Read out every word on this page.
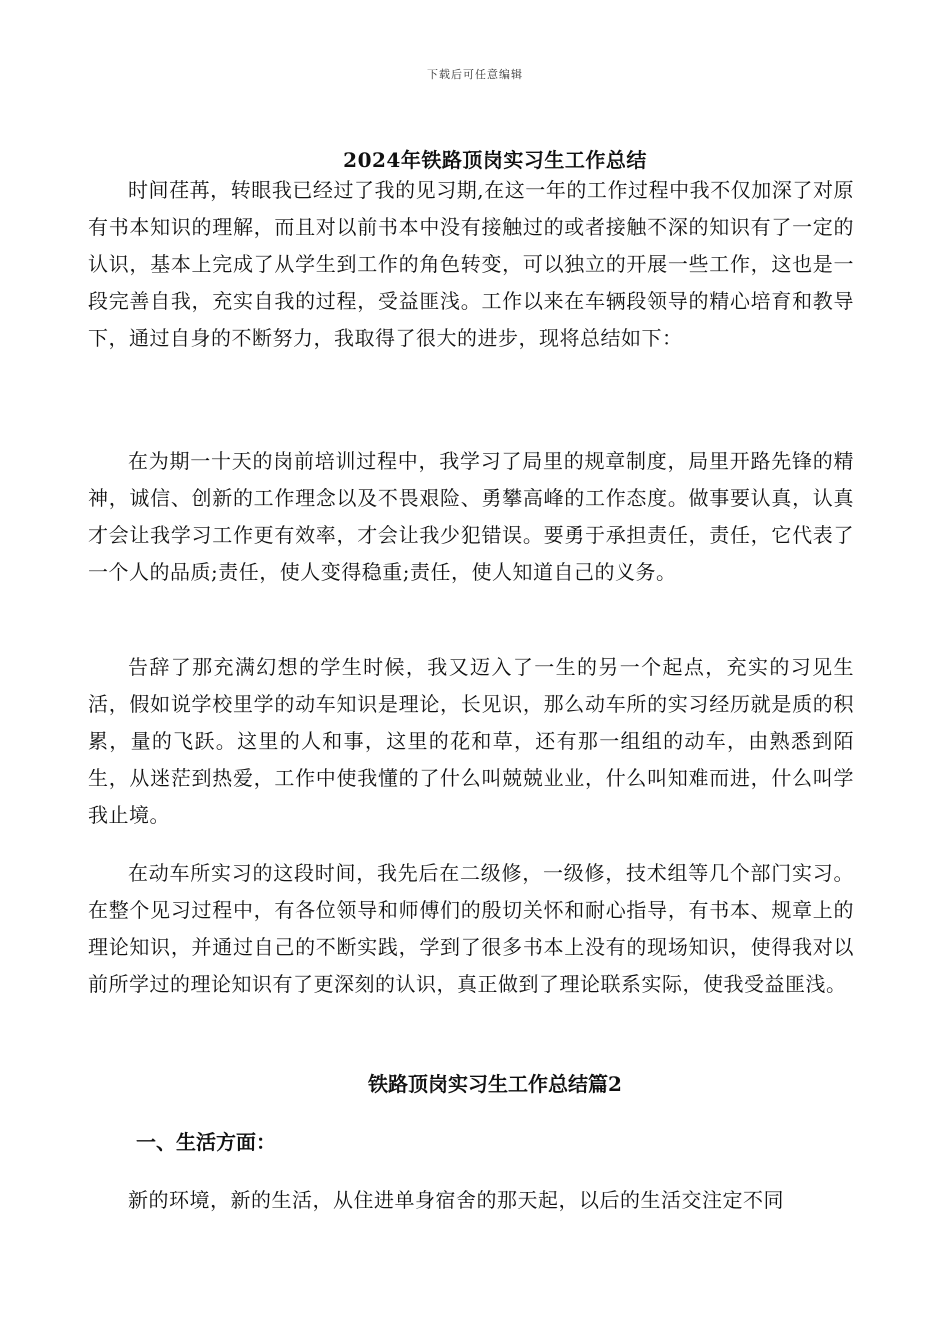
下载后可任意编辑
2024年铁路顶岗实习生工作总结
时间荏苒，转眼我已经过了我的见习期,在这一年的工作过程中我不仅加深了对原有书本知识的理解，而且对以前书本中没有接触过的或者接触不深的知识有了一定的认识，基本上完成了从学生到工作的角色转变，可以独立的开展一些工作，这也是一段完善自我，充实自我的过程，受益匪浅。工作以来在车辆段领导的精心培育和教导下，通过自身的不断努力，我取得了很大的进步，现将总结如下：
在为期一十天的岗前培训过程中，我学习了局里的规章制度，局里开路先锋的精神，诚信、创新的工作理念以及不畏艰险、勇攀高峰的工作态度。做事要认真，认真才会让我学习工作更有效率，才会让我少犯错误。要勇于承担责任，责任，它代表了一个人的品质;责任，使人变得稳重;责任，使人知道自己的义务。
告辞了那充满幻想的学生时候，我又迈入了一生的另一个起点，充实的习见生活，假如说学校里学的动车知识是理论，长见识，那么动车所的实习经历就是质的积累，量的飞跃。这里的人和事，这里的花和草，还有那一组组的动车，由熟悉到陌生，从迷茫到热爱，工作中使我懂的了什么叫兢兢业业，什么叫知难而进，什么叫学我止境。
在动车所实习的这段时间，我先后在二级修，一级修，技术组等几个部门实习。在整个见习过程中，有各位领导和师傅们的殷切关怀和耐心指导，有书本、规章上的理论知识，并通过自己的不断实践，学到了很多书本上没有的现场知识，使得我对以前所学过的理论知识有了更深刻的认识，真正做到了理论联系实际，使我受益匪浅。
铁路顶岗实习生工作总结篇2
一、生活方面：
新的环境，新的生活，从住进单身宿舍的那天起，以后的生活交注定不同
